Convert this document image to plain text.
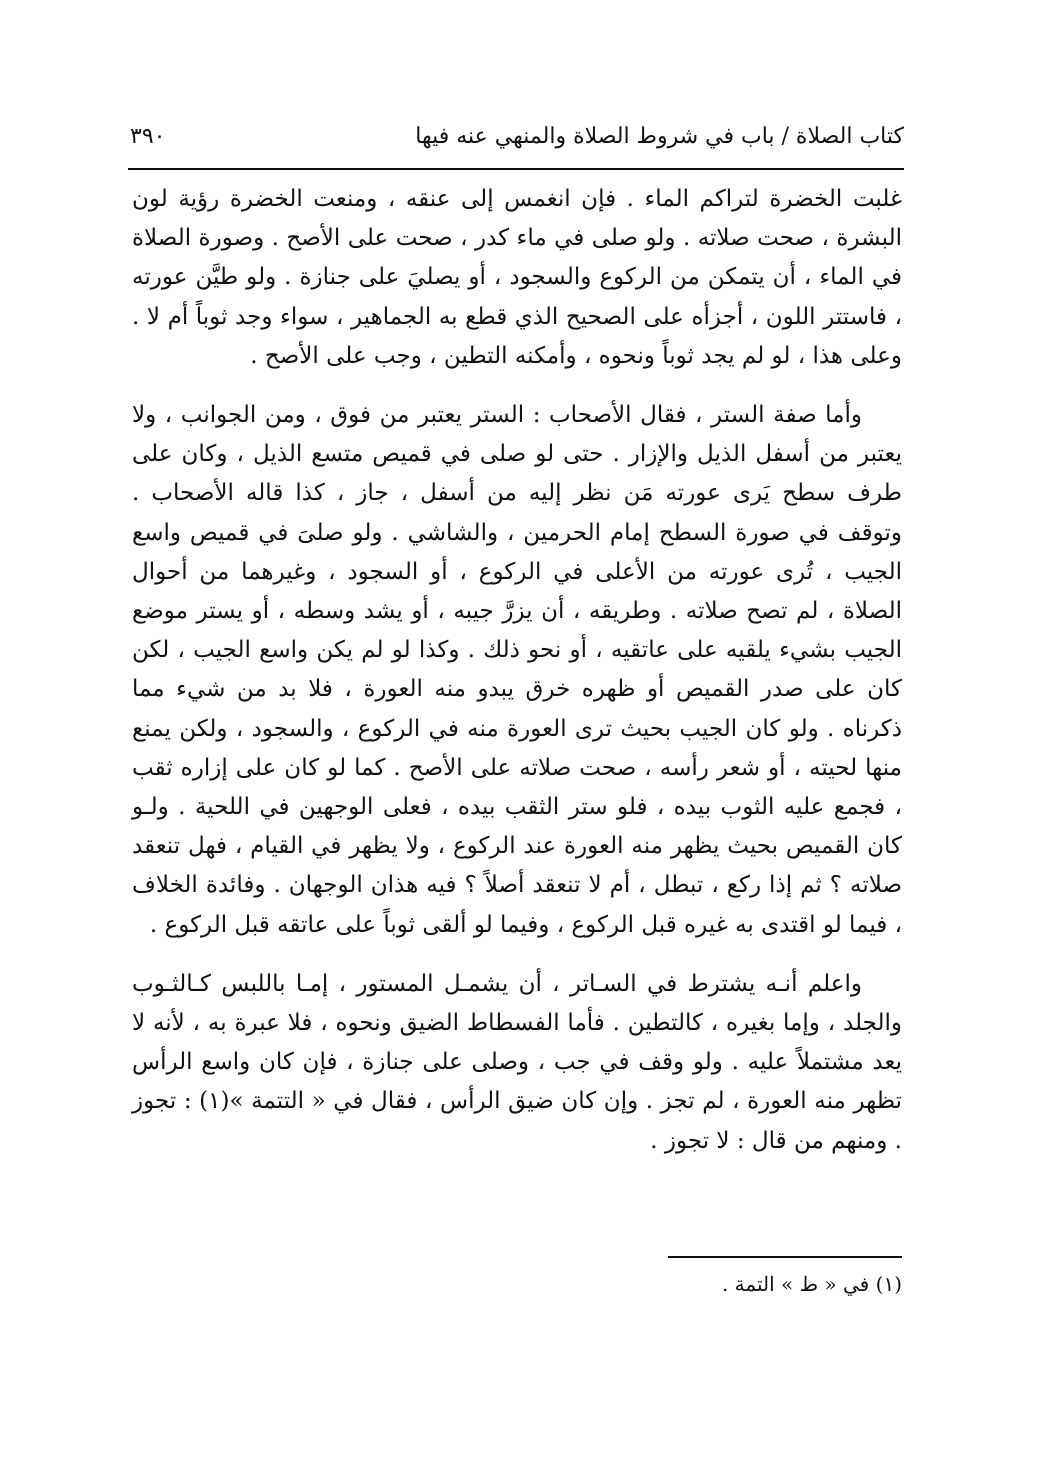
كتاب الصلاة / باب في شروط الصلاة والمنهي عنه فيها
٣٩٠

غلبت الخضرة لتراكم الماء . فإن انغمس إلى عنقه ، ومنعت الخضرة رؤية لون البشرة ، صحت صلاته . ولو صلى في ماء كدر ، صحت على الأصح . وصورة الصلاة في الماء ، أن يتمكن من الركوع والسجود ، أو يصليَ على جنازة . ولو طيَّن عورته ، فاستتر اللون ، أجزأه على الصحيح الذي قطع به الجماهير ، سواء وجد ثوباً أم لا . وعلى هذا ، لو لم يجد ثوباً ونحوه ، وأمكنه التطين ، وجب على الأصح .

وأما صفة الستر ، فقال الأصحاب : الستر يعتبر من فوق ، ومن الجوانب ، ولا يعتبر من أسفل الذيل والإزار . حتى لو صلى في قميص متسع الذيل ، وكان على طرف سطح يَرى عورته مَن نظر إليه من أسفل ، جاز ، كذا قاله الأصحاب . وتوقف في صورة السطح إمام الحرمين ، والشاشي . ولو صلىَ في قميص واسع الجيب ، تُرى عورته من الأعلى في الركوع ، أو السجود ، وغيرهما من أحوال الصلاة ، لم تصح صلاته . وطريقه ، أن يزرَّ جيبه ، أو يشد وسطه ، أو يستر موضع الجيب بشيء يلقيه على عاتقيه ، أو نحو ذلك . وكذا لو لم يكن واسع الجيب ، لكن كان على صدر القميص أو ظهره خرق يبدو منه العورة ، فلا بد من شيء مما ذكرناه . ولو كان الجيب بحيث ترى العورة منه في الركوع ، والسجود ، ولكن يمنع منها لحيته ، أو شعر رأسه ، صحت صلاته على الأصح . كما لو كان على إزاره ثقب ، فجمع عليه الثوب بيده ، فلو ستر الثقب بيده ، فعلى الوجهين في اللحية . ولـو كان القميص بحيث يظهر منه العورة عند الركوع ، ولا يظهر في القيام ، فهل تنعقد صلاته ؟ ثم إذا ركع ، تبطل ، أم لا تنعقد أصلاً ؟ فيه هذان الوجهان . وفائدة الخلاف ، فيما لو اقتدى به غيره قبل الركوع ، وفيما لو ألقى ثوباً على عاتقه قبل الركوع .

واعلم أنـه يشترط في السـاتر ، أن يشمـل المستور ، إمـا باللبس كـالثـوب والجلد ، وإما بغيره ، كالتطين . فأما الفسطاط الضيق ونحوه ، فلا عبرة به ، لأنه لا يعد مشتملاً عليه . ولو وقف في جب ، وصلى على جنازة ، فإن كان واسع الرأس تظهر منه العورة ، لم تجز . وإن كان ضيق الرأس ، فقال في « التتمة »(١) : تجوز . ومنهم من قال : لا تجوز .

(١) في « ط » التمة .
